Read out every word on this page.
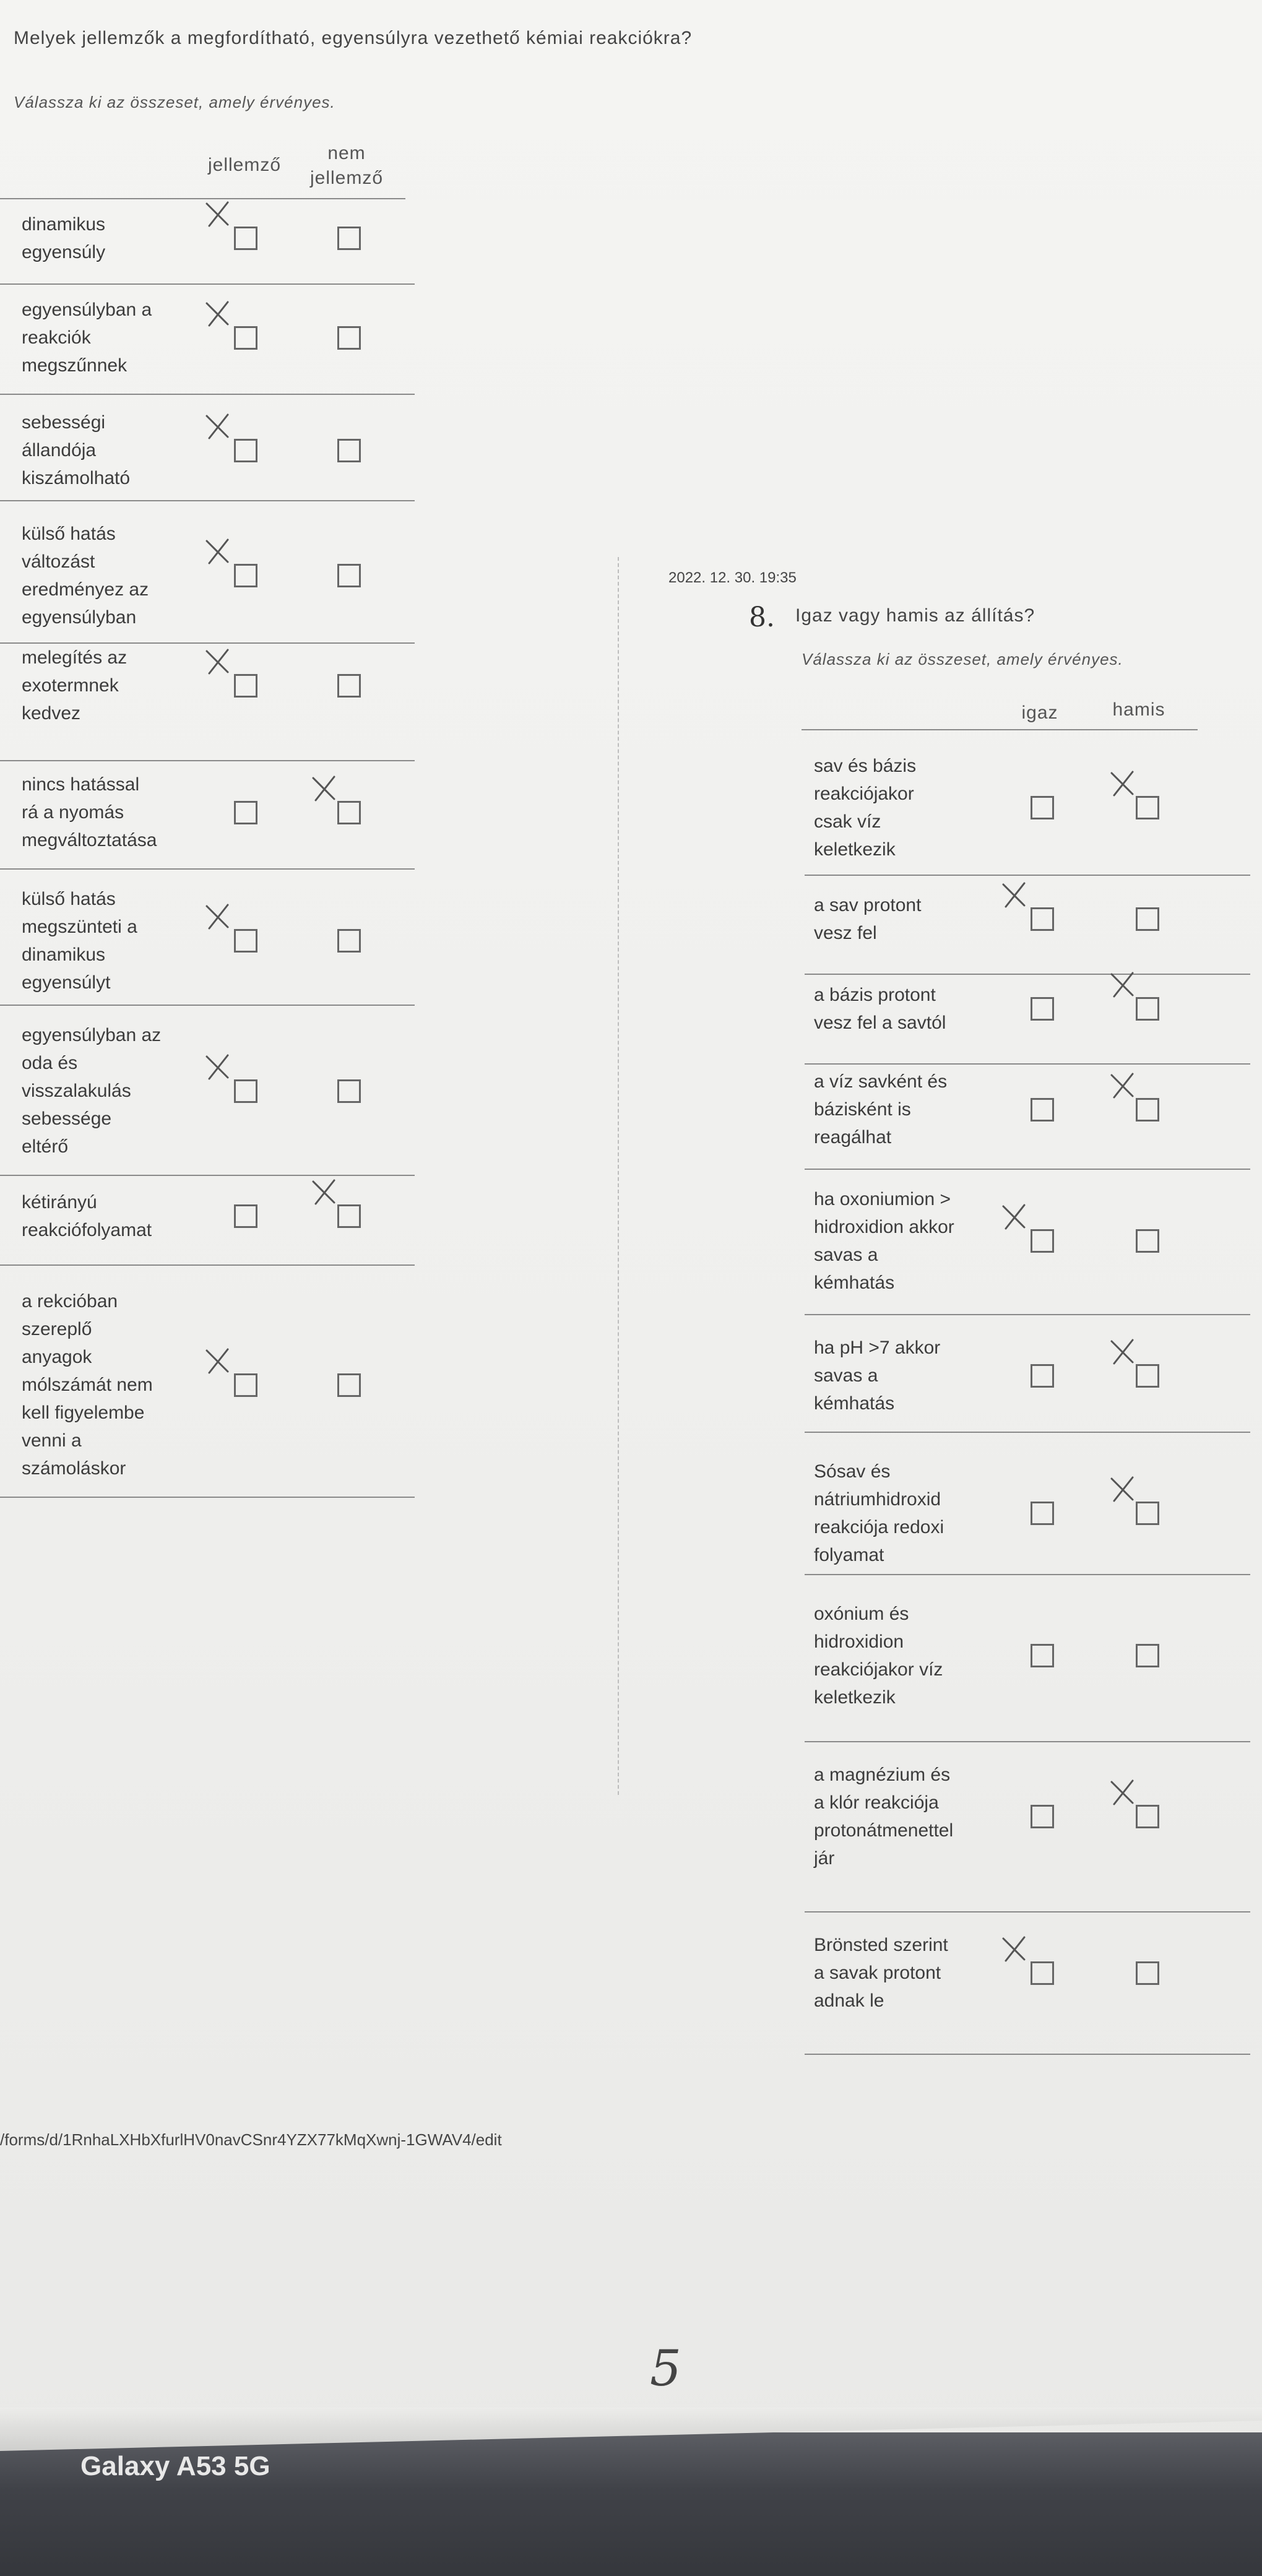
Melyek jellemzők a megfordítható, egyensúlyra vezethető kémiai reakciókra?
Válassza ki az összeset, amely érvényes.
jellemző
nem
jellemző
dinamikus
egyensúly
egyensúlyban a
reakciók
megszűnnek
sebességi
állandója
kiszámolható
külső hatás
változást
eredményez az
egyensúlyban
melegítés az
exotermnek
kedvez
nincs hatással
rá a nyomás
megváltoztatása
külső hatás
megszünteti a
dinamikus
egyensúlyt
egyensúlyban az
oda és
visszalakulás
sebessége
eltérő
kétirányú
reakciófolyamat
a rekcióban
szereplő
anyagok
mólszámát nem
kell figyelembe
venni a
számoláskor
2022. 12. 30. 19:35
8. Igaz vagy hamis az állítás?
Válassza ki az összeset, amely érvényes.
igaz	hamis
sav és bázis
reakciójakor
csak víz
keletkezik
a sav protont
vesz fel
a bázis protont
vesz fel a savtól
a víz savként és
bázisként is
reagálhat
ha oxoniumion >
hidroxidion akkor
savas a
kémhatás
ha pH >7 akkor
savas a
kémhatás
Sósav és
nátriumhidroxid
reakciója redoxi
folyamat
oxónium és
hidroxidion
reakciójakor víz
keletkezik
a magnézium és
a klór reakciója
protonátmenettel
jár
Brönsted szerint
a savak protont
adnak le
/forms/d/1RnhaLXHbXfurlHV0navCSnr4YZX77kMqXwnj-1GWAV4/edit
5
Galaxy A53 5G
